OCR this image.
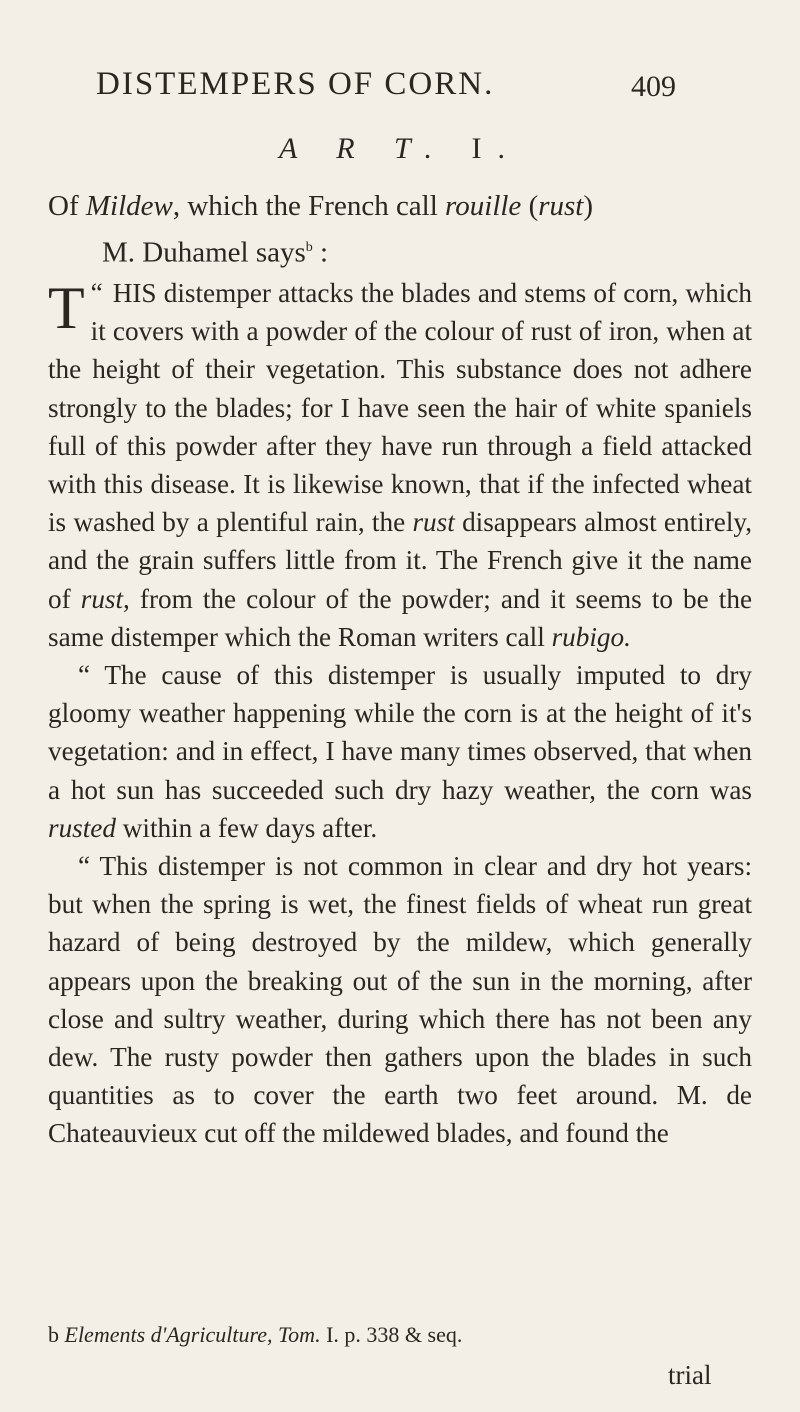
DISTEMPERS OF CORN.	409
A R T. I.
Of Mildew, which the French call rouille (rust)
M. Duhamel says$^b$ :

“
T HIS distemper attacks the blades and stems of corn, which it covers with a powder of the colour of rust of iron, when at the height of their vegetation. This substance does not adhere strongly to the blades; for I have seen the hair of white spaniels full of this powder after they have run through a field attacked with this disease. It is likewise known, that if the infected wheat is washed by a plentiful rain, the rust disappears almost entirely, and the grain suffers little from it. The French give it the name of rust, from the colour of the powder; and it seems to be the same distemper which the Roman writers call rubigo.

“ The cause of this distemper is usually imputed to dry gloomy weather happening while the corn is at the height of it's vegetation: and in effect, I have many times observed, that when a hot sun has succeeded such dry hazy weather, the corn was rusted within a few days after.

“ This distemper is not common in clear and dry hot years: but when the spring is wet, the finest fields of wheat run great hazard of being destroyed by the mildew, which generally appears upon the breaking out of the sun in the morning, after close and sultry weather, during which there has not been any dew. The rusty powder then gathers upon the blades in such quantities as to cover the earth two feet around. M. de Chateauvieux cut off the mildewed blades, and found the

b Elements d'Agriculture, Tom. I. p. 338 & seq.
trial
